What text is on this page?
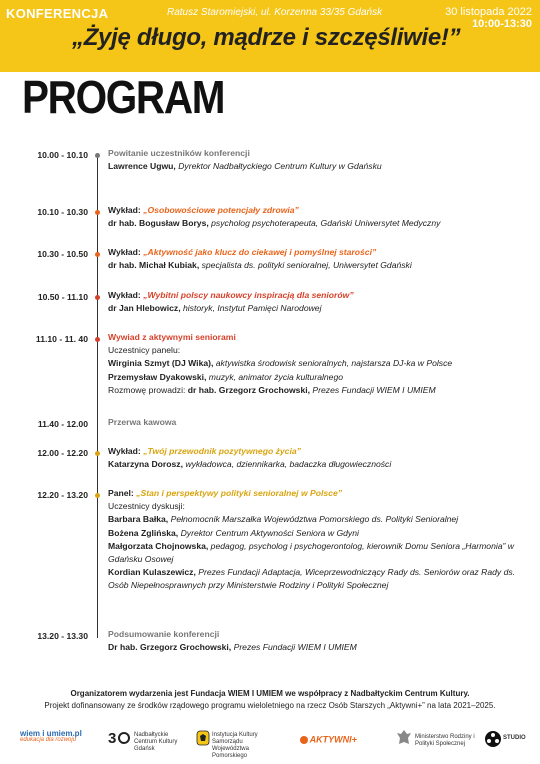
KONFERENCJA	Ratusz Staromiejski, ul. Korzenna 33/35 Gdańsk	30 listopada 2022
10:00-13:30
„Żyję długo, mądrze i szczęśliwie!”
PROGRAM
10.00 - 10.10 Powitanie uczestników konferencji
Lawrence Ugwu, Dyrektor Nadbałtyckiego Centrum Kultury w Gdańsku
10.10 - 10.30 Wykład: „Osobowościowe potencjały zdrowia”
dr hab. Bogusław Borys, psycholog psychoterapeuta, Gdański Uniwersytet Medyczny
10.30 - 10.50 Wykład: „Aktywność jako klucz do ciekawej i pomyślnej starości”
dr hab. Michał Kubiak, specjalista ds. polityki senioralnej, Uniwersytet Gdański
10.50 - 11.10 Wykład: „Wybitni polscy naukowcy inspiracją dla seniorów”
dr Jan Hlebowicz, historyk, Instytut Pamięci Narodowej
11.10 - 11. 40 Wywiad z aktywnymi seniorami
Uczestnicy panelu:
Wirginia Szmyt (DJ Wika), aktywistka środowisk senioralnych, najstarsza DJ-ka w Polsce
Przemysław Dyakowski, muzyk, animator życia kulturalnego
Rozmowę prowadzi: dr hab. Grzegorz Grochowski, Prezes Fundacji WIEM I UMIEM
11.40 - 12.00 Przerwa kawowa
12.00 - 12.20 Wykład: „Twój przewodnik pozytywnego życia”
Katarzyna Dorosz, wykładowca, dziennikarka, badaczka długowieczności
12.20 - 13.20 Panel: „Stan i perspektywy polityki senioralnej w Polsce”
Uczestnicy dyskusji:
Barbara Bałka, Pełnomocnik Marszałka Województwa Pomorskiego ds. Polityki Senioralnej
Bożena Zglińska, Dyrektor Centrum Aktywności Seniora w Gdyni
Małgorzata Chojnowska, pedagog, psycholog i psychogerontolog, kierownik Domu Seniora „Harmonia” w Gdańsku Osowej
Kordian Kulaszewicz, Prezes Fundacji Adaptacja, Wiceprzewodniczący Rady ds. Seniorów oraz Rady ds. Osób Niepełnosprawnych przy Ministerstwie Rodziny i Polityki Społecznej
13.20 - 13.30 Podsumowanie konferencji
Dr hab. Grzegorz Grochowski, Prezes Fundacji WIEM I UMIEM
Organizatorem wydarzenia jest Fundacja WIEM I UMIEM we współpracy z Nadbałtyckim Centrum Kultury.
Projekt dofinansowany ze środków rządowego programu wieloletniego na rzecz Osób Starszych „Aktywni+” na lata 2021–2025.
wiem i umiem.pl
edukacja dla rozwoju	3	Nadbałtyckie Centrum Kultury Gdańsk
Instytucja Kultury Samorządu Województwa Pomorskiego
AKTYWNI+	Ministerstwo Rodziny i Polityki Społecznej
STUDIO
